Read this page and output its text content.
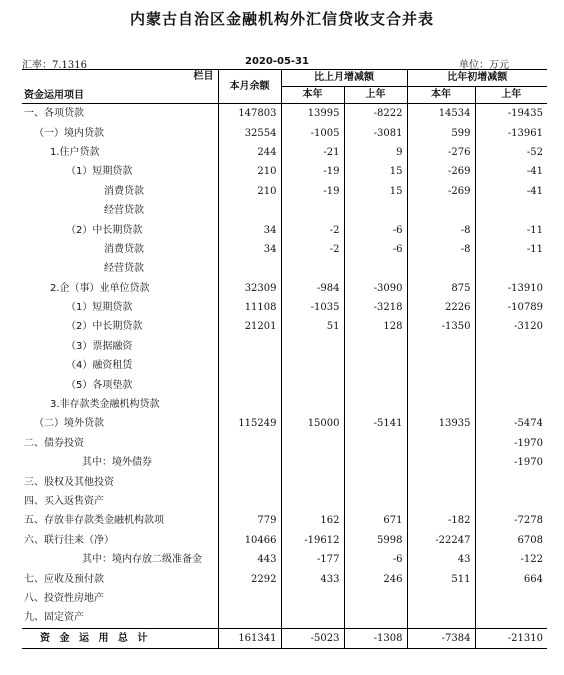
内蒙古自治区金融机构外汇信贷收支合并表
汇率：7.1316	2020-05-31	单位：万元
栏目
资金运用项目	本月余额	比上月增减额		比年初增减额	
		本年	上年	本年	上年
一、各项贷款	147803	13995	-8222	14534	-19435
（一）境内贷款	32554	-1005	-3081	599	-13961
1.住户贷款	244	-21	9	-276	-52
（1）短期贷款	210	-19	15	-269	-41
消费贷款	210	-19	15	-269	-41
经营贷款					
（2）中长期贷款	34	-2	-6	-8	-11
消费贷款	34	-2	-6	-8	-11
经营贷款					
2.企（事）业单位贷款	32309	-984	-3090	875	-13910
（1）短期贷款	11108	-1035	-3218	2226	-10789
（2）中长期贷款	21201	51	128	-1350	-3120
（3）票据融资					
（4）融资租赁					
（5）各项垫款					
3.非存款类金融机构贷款					
（二）境外贷款	115249	15000	-5141	13935	-5474
二、债券投资					-1970
其中：境外债券					-1970
三、股权及其他投资					
四、买入返售资产					
五、存放非存款类金融机构款项	779	162	671	-182	-7278
六、联行往来（净）	10466	-19612	5998	-22247	6708
其中：境内存放二级准备金	443	-177	-6	43	-122
七、应收及预付款	2292	433	246	511	664
八、投资性房地产					
九、固定资产					
资 金 运 用 总 计	161341	-5023	-1308	-7384	-21310
